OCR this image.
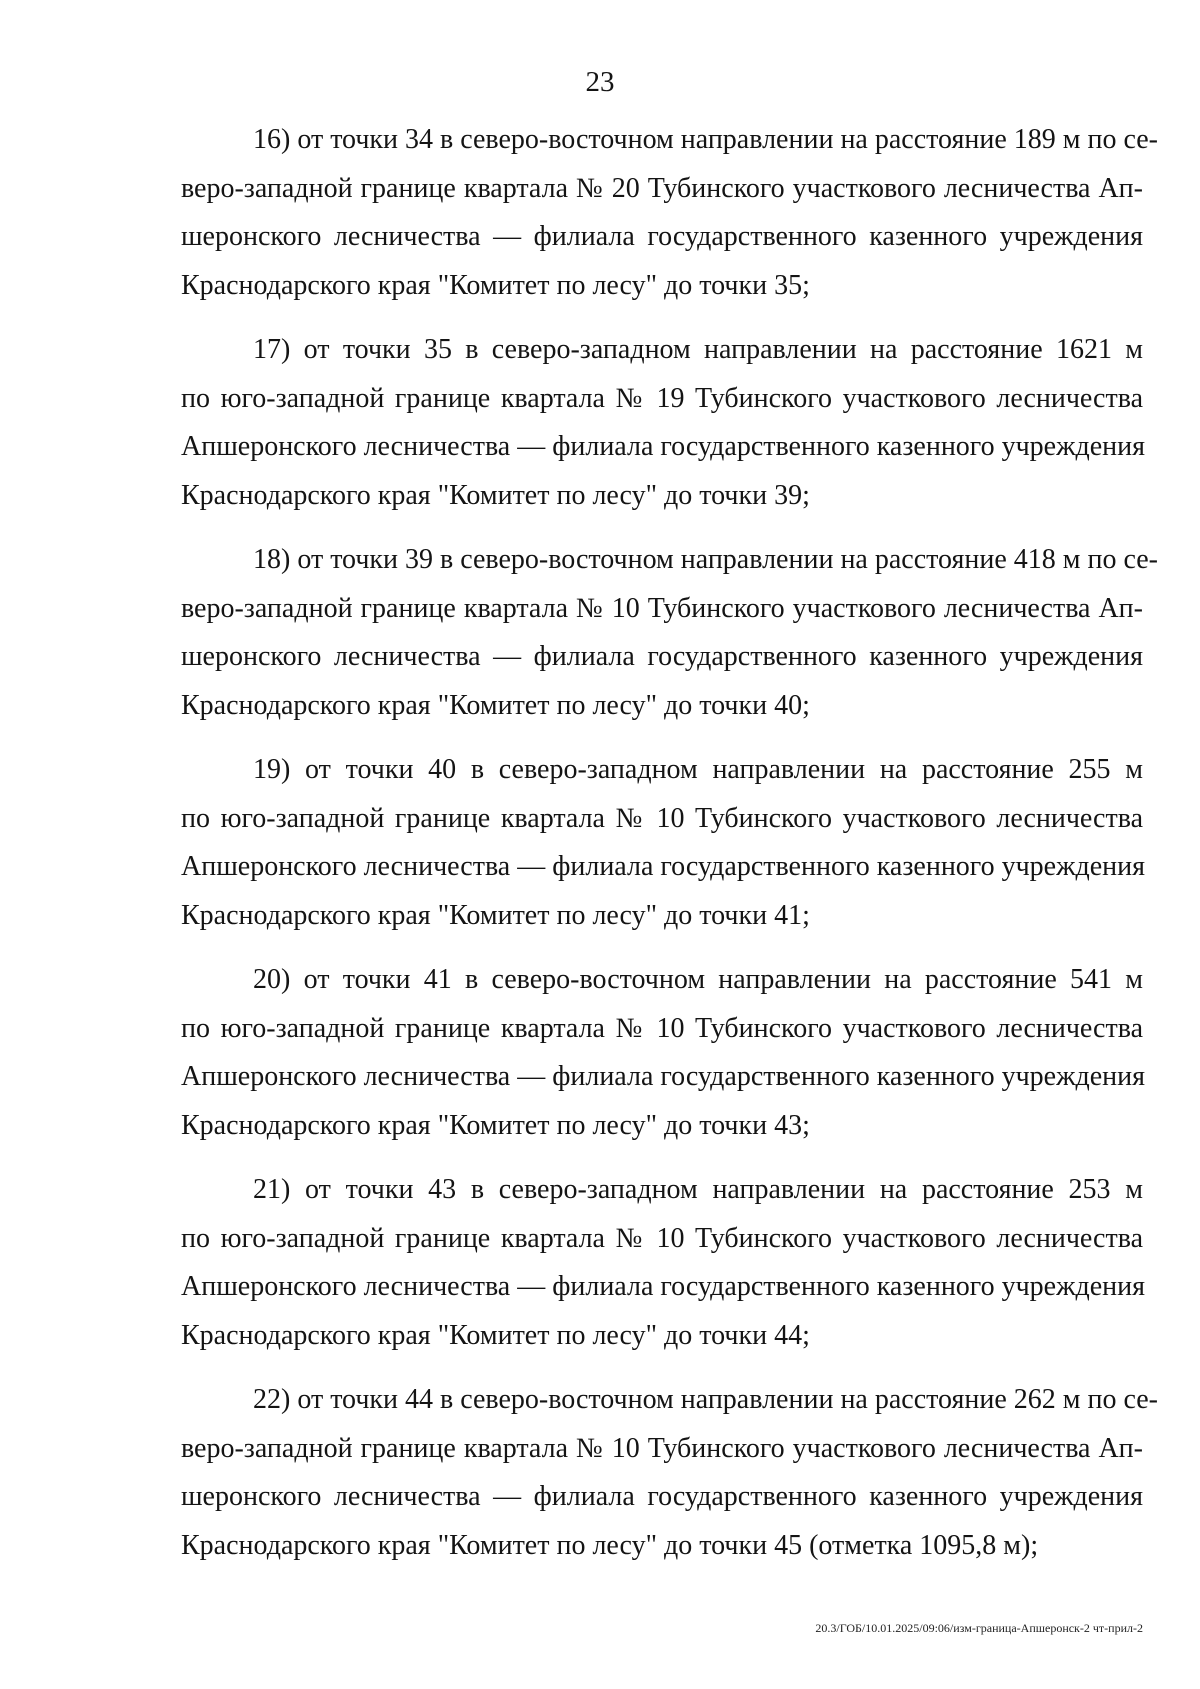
23

16) от точки 34 в северо-восточном направлении на расстояние 189 м по се-
веро-западной границе квартала № 20 Тубинского участкового лесничества Ап-
шеронского лесничества — филиала государственного казенного учреждения
Краснодарского края "Комитет по лесу" до точки 35;

17) от точки 35 в северо-западном направлении на расстояние 1621 м
по юго-западной границе квартала № 19 Тубинского участкового лесничества
Апшеронского лесничества — филиала государственного казенного учреждения
Краснодарского края "Комитет по лесу" до точки 39;

18) от точки 39 в северо-восточном направлении на расстояние 418 м по се-
веро-западной границе квартала № 10 Тубинского участкового лесничества Ап-
шеронского лесничества — филиала государственного казенного учреждения
Краснодарского края "Комитет по лесу" до точки 40;

19) от точки 40 в северо-западном направлении на расстояние 255 м
по юго-западной границе квартала № 10 Тубинского участкового лесничества
Апшеронского лесничества — филиала государственного казенного учреждения
Краснодарского края "Комитет по лесу" до точки 41;

20) от точки 41 в северо-восточном направлении на расстояние 541 м
по юго-западной границе квартала № 10 Тубинского участкового лесничества
Апшеронского лесничества — филиала государственного казенного учреждения
Краснодарского края "Комитет по лесу" до точки 43;

21) от точки 43 в северо-западном направлении на расстояние 253 м
по юго-западной границе квартала № 10 Тубинского участкового лесничества
Апшеронского лесничества — филиала государственного казенного учреждения
Краснодарского края "Комитет по лесу" до точки 44;

22) от точки 44 в северо-восточном направлении на расстояние 262 м по се-
веро-западной границе квартала № 10 Тубинского участкового лесничества Ап-
шеронского лесничества — филиала государственного казенного учреждения
Краснодарского края "Комитет по лесу" до точки 45 (отметка 1095,8 м);

20.3/ГОБ/10.01.2025/09:06/изм-граница-Апшеронск-2 чт-прил-2
